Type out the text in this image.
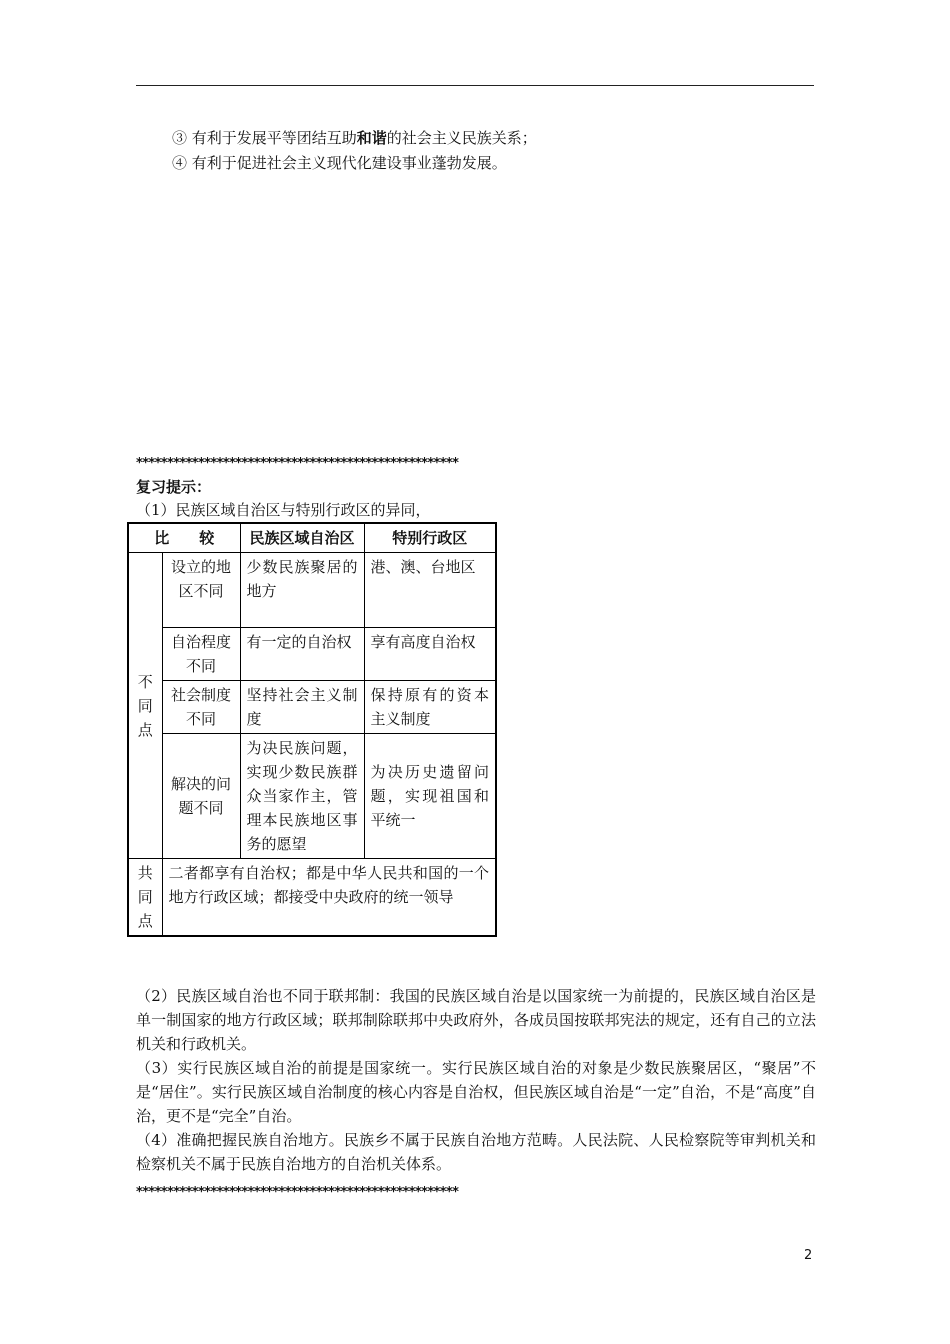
③ 有利于发展平等团结互助和谐的社会主义民族关系；
④ 有利于促进社会主义现代化建设事业蓬勃发展。
****************************************************
复习提示：
（1）民族区域自治区与特别行政区的异同，
比　　较		民族区域自治区	特别行政区
不同点	设立的地区不同	少数民族聚居的地方	港、澳、台地区
	自治程度不同	有一定的自治权	享有高度自治权
	社会制度不同	坚持社会主义制度	保持原有的资本主义制度
	解决的问题不同	为决民族问题，实现少数民族群众当家作主，管理本民族地区事务的愿望	为决历史遗留问题，实现祖国和平统一
共同点	二者都享有自治权；都是中华人民共和国的一个地方行政区域；都接受中央政府的统一领导		
（2）民族区域自治也不同于联邦制：我国的民族区域自治是以国家统一为前提的，民族区域自治区是单一制国家的地方行政区域；联邦制除联邦中央政府外，各成员国按联邦宪法的规定，还有自己的立法机关和行政机关。
（3）实行民族区域自治的前提是国家统一。实行民族区域自治的对象是少数民族聚居区，“聚居”不是“居住”。实行民族区域自治制度的核心内容是自治权，但民族区域自治是“一定”自治，不是“高度”自治，更不是“完全”自治。
（4）准确把握民族自治地方。民族乡不属于民族自治地方范畴。人民法院、人民检察院等审判机关和检察机关不属于民族自治地方的自治机关体系。
****************************************************
2
